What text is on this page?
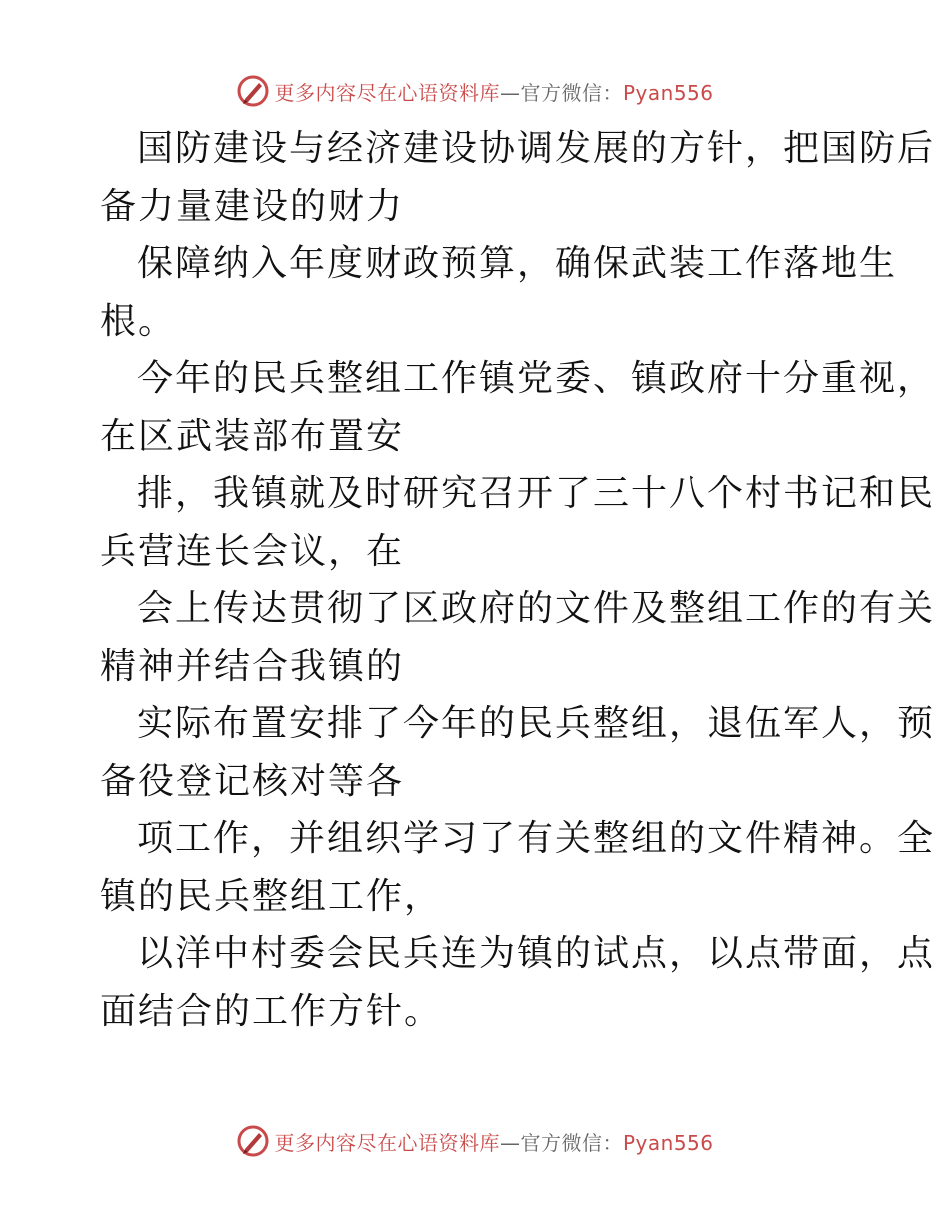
更多内容尽在心语资料库—官方微信：Pyan556

国防建设与经济建设协调发展的方针，把国防后
备力量建设的财力

保障纳入年度财政预算，确保武装工作落地生
根。

今年的民兵整组工作镇党委、镇政府十分重视，
在区武装部布置安

排，我镇就及时研究召开了三十八个村书记和民
兵营连长会议，在

会上传达贯彻了区政府的文件及整组工作的有关
精神并结合我镇的

实际布置安排了今年的民兵整组，退伍军人，预
备役登记核对等各

项工作，并组织学习了有关整组的文件精神。全
镇的民兵整组工作，

以洋中村委会民兵连为镇的试点，以点带面，点
面结合的工作方针。

更多内容尽在心语资料库—官方微信：Pyan556
